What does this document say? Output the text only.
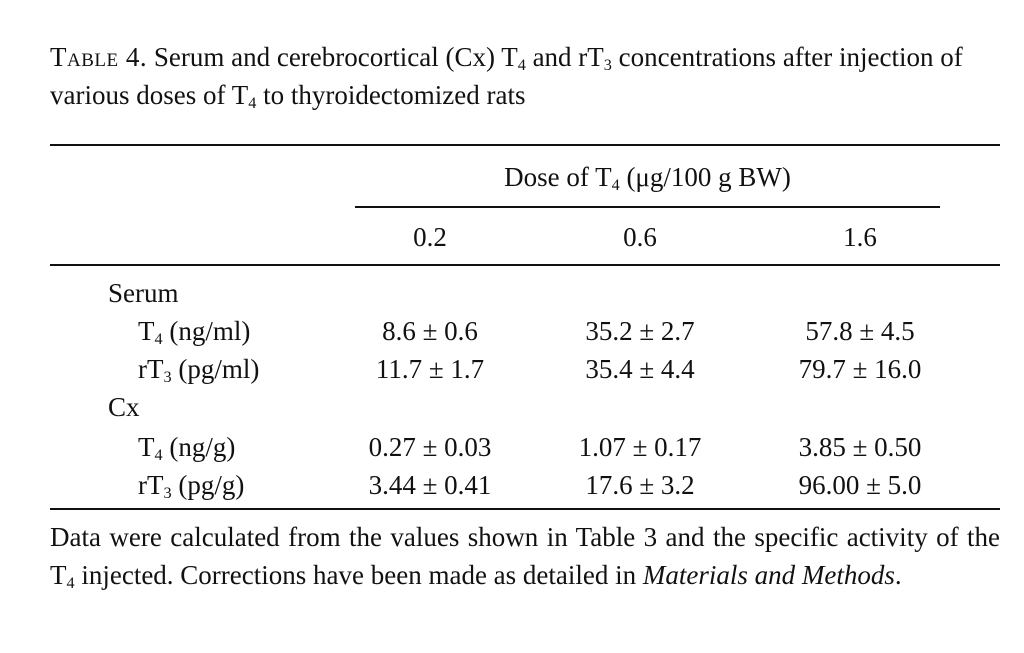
Table 4. Serum and cerebrocortical (Cx) $T_4$ and $rT_3$ concentrations after injection of various doses of $T_4$ to thyroidectomized rats

Dose of $T_4$ (μg/100 g BW)
0.2	0.6	1.6
Serum
$T_4$ (ng/ml)	8.6 ± 0.6	35.2 ± 2.7	57.8 ± 4.5
$rT_3$ (pg/ml)	11.7 ± 1.7	35.4 ± 4.4	79.7 ± 16.0
Cx
$T_4$ (ng/g)	0.27 ± 0.03	1.07 ± 0.17	3.85 ± 0.50
$rT_3$ (pg/g)	3.44 ± 0.41	17.6 ± 3.2	96.00 ± 5.0
Data were calculated from the values shown in Table 3 and the specific activity of the $T_4$ injected. Corrections have been made as detailed in Materials and Methods.
